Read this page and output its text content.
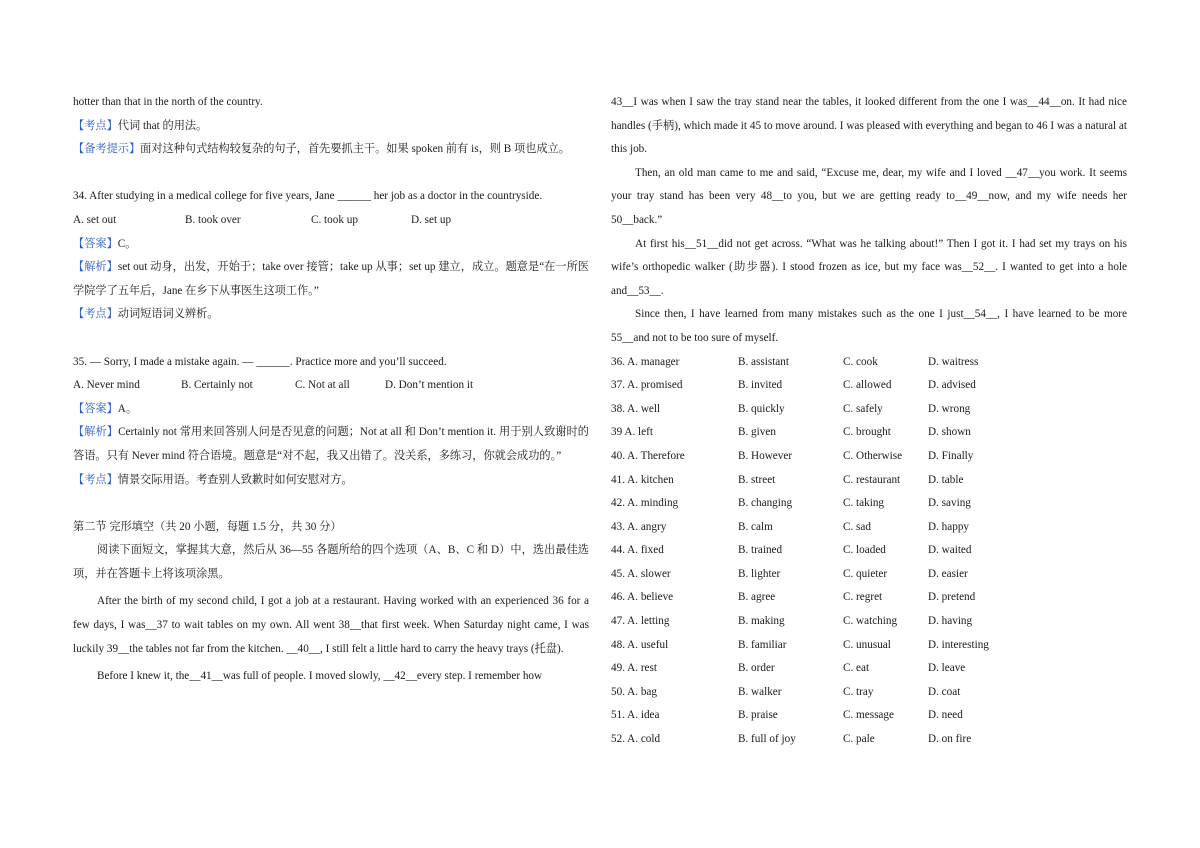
hotter than that in the north of the country.

【考点】代词 that 的用法。

【备考提示】面对这种句式结构较复杂的句子，首先要抓主干。如果 spoken 前有 is，则 B 项也成立。

34. After studying in a medical college for five years, Jane ______ her job as a doctor in the countryside.

A. set out	B. took over	C. took up	D. set up

【答案】C。

【解析】set out 动身，出发，开始于；take over 接管；take up 从事；set up 建立，成立。题意是“在一所医学院学了五年后，Jane 在乡下从事医生这项工作。”

【考点】动词短语词义辨析。

35. — Sorry, I made a mistake again. — ______. Practice more and you’ll succeed.

A. Never mind	B. Certainly not	C. Not at all	D. Don’t mention it

【答案】A。

【解析】Certainly not 常用来回答别人问是否见意的问题；Not at all 和 Don’t mention it. 用于别人致谢时的答语。只有 Never mind 符合语境。题意是“对不起，我又出错了。没关系，多练习，你就会成功的。”

【考点】情景交际用语。考查别人致歉时如何安慰对方。

第二节 完形填空（共 20 小题，每题 1.5 分，共 30 分）

阅读下面短文，掌握其大意，然后从 36—55 各题所给的四个选项（A、B、C 和 D）中，选出最佳选项，并在答题卡上将该项涂黑。

After the birth of my second child, I got a job at a restaurant. Having worked with an experienced 36 for a few days, I was__37 to wait tables on my own. All went 38__that first week. When Saturday night came, I was luckily 39__the tables not far from the kitchen. __40__, I still felt a little hard to carry the heavy trays (托盘).

Before I knew it, the__41__was full of people. I moved slowly, __42__every step. I remember how

43__I was when I saw the tray stand near the tables, it looked different from the one I was__44__on. It had nice handles (手柄), which made it 45 to move around. I was pleased with everything and began to 46 I was a natural at this job.

Then, an old man came to me and said, “Excuse me, dear, my wife and I loved __47__you work. It seems your tray stand has been very 48__to you, but we are getting ready to__49__now, and my wife needs her 50__back.”

At first his__51__did not get across. “What was he talking about!” Then I got it. I had set my trays on his wife’s orthopedic walker (助步器). I stood frozen as ice, but my face was__52__. I wanted to get into a hole and__53__.

Since then, I have learned from many mistakes such as the one I just__54__, I have learned to be more 55__and not to be too sure of myself.

36. A. manager	B. assistant	C. cook	D. waitress
37. A. promised	B. invited	C. allowed	D. advised
38. A. well	B. quickly	C. safely	D. wrong
39 A. left	B. given	C. brought	D. shown
40. A. Therefore	B. However	C. Otherwise	D. Finally
41. A. kitchen	B. street	C. restaurant	D. table
42. A. minding	B. changing	C. taking	D. saving
43. A. angry	B. calm	C. sad	D. happy
44. A. fixed	B. trained	C. loaded	D. waited
45. A. slower	B. lighter	C. quieter	D. easier
46. A. believe	B. agree	C. regret	D. pretend
47. A. letting	B. making	C. watching	D. having
48. A. useful	B. familiar	C. unusual	D. interesting
49. A. rest	B. order	C. eat	D. leave
50. A. bag	B. walker	C. tray	D. coat
51. A. idea	B. praise	C. message	D. need
52. A. cold	B. full of joy	C. pale	D. on fire
